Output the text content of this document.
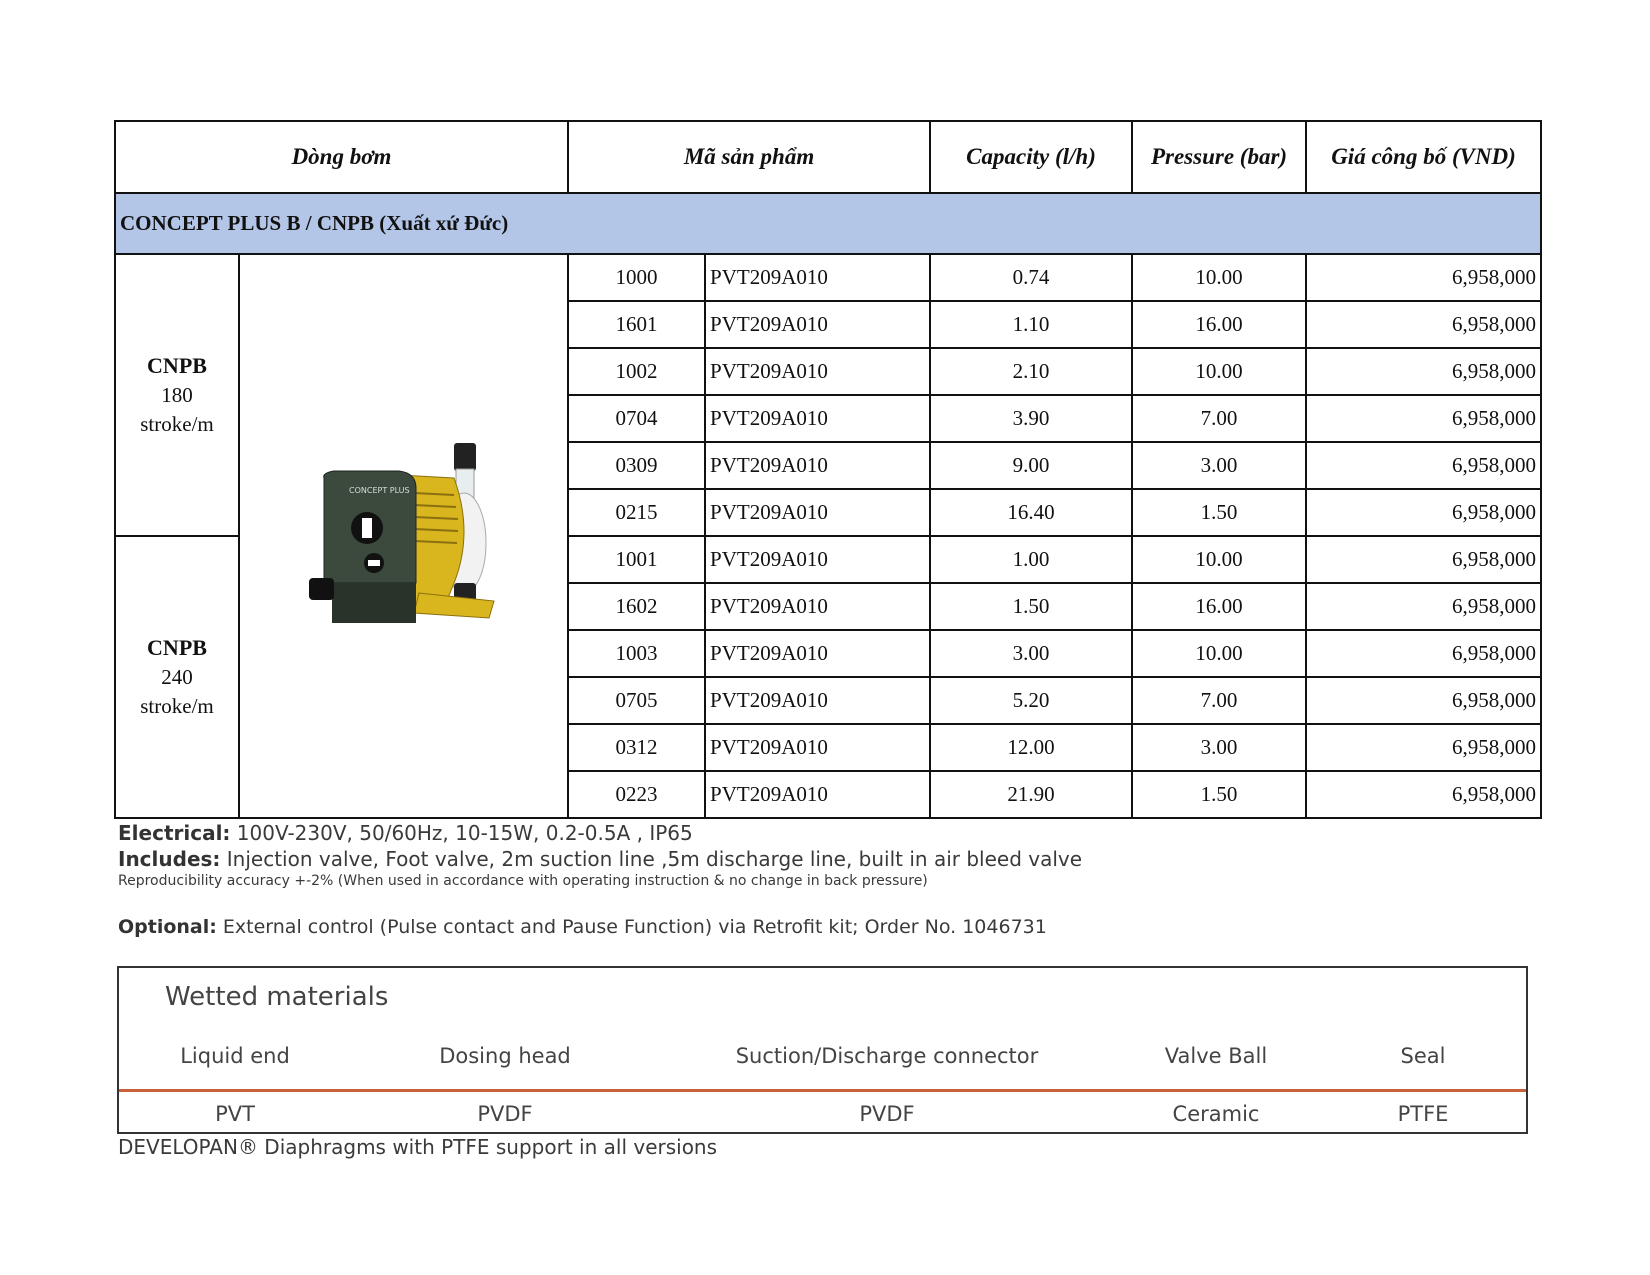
Dòng bơm		Mã sản phẩm		Capacity (l/h)	Pressure (bar)	Giá công bố (VND)
CONCEPT PLUS B / CNPB (Xuất xứ Đức)						
CNPB
180
stroke/m	CONCEPT PLUS	1000	PVT209A010	0.74	10.00	6,958,000
		1601	PVT209A010	1.10	16.00	6,958,000
		1002	PVT209A010	2.10	10.00	6,958,000
		0704	PVT209A010	3.90	7.00	6,958,000
		0309	PVT209A010	9.00	3.00	6,958,000
		0215	PVT209A010	16.40	1.50	6,958,000
CNPB
240
stroke/m		1001	PVT209A010	1.00	10.00	6,958,000
		1602	PVT209A010	1.50	16.00	6,958,000
		1003	PVT209A010	3.00	10.00	6,958,000
		0705	PVT209A010	5.20	7.00	6,958,000
		0312	PVT209A010	12.00	3.00	6,958,000
		0223	PVT209A010	21.90	1.50	6,958,000
Electrical: 100V-230V, 50/60Hz, 10-15W, 0.2-0.5A , IP65
Includes: Injection valve, Foot valve, 2m suction line ,5m discharge line, built in air bleed valve
Reproducibility accuracy +-2% (When used in accordance with operating instruction & no change in back pressure)
Optional: External control (Pulse contact and Pause Function) via Retrofit kit; Order No. 1046731
Wetted materials
Liquid end	Dosing head	Suction/Discharge connector	Valve Ball	Seal
PVT	PVDF	PVDF	Ceramic	PTFE
DEVELOPAN® Diaphragms with PTFE support in all versions
